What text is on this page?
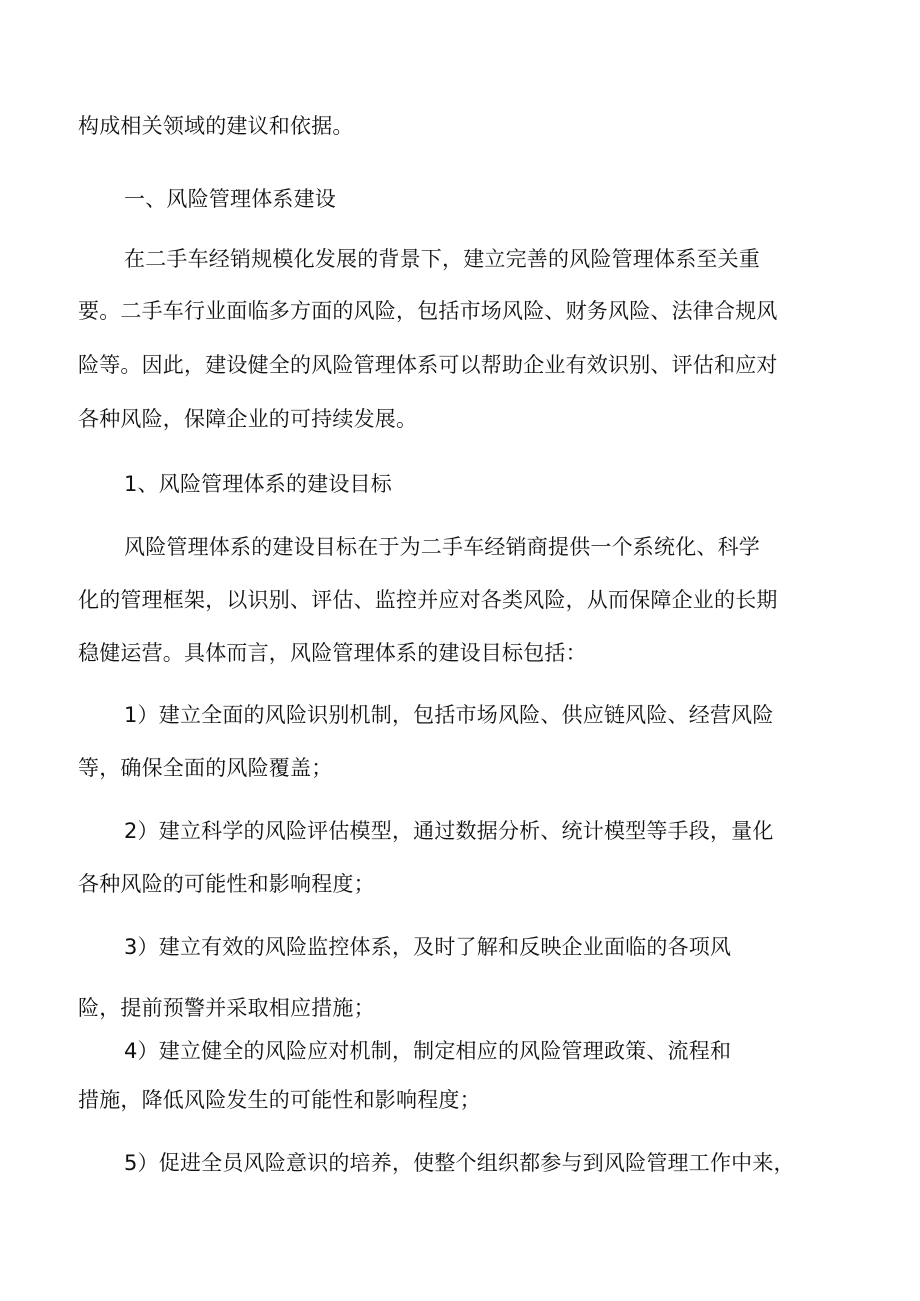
构成相关领域的建议和依据。

一、风险管理体系建设

在二手车经销规模化发展的背景下，建立完善的风险管理体系至关重

要。二手车行业面临多方面的风险，包括市场风险、财务风险、法律合规风

险等。因此，建设健全的风险管理体系可以帮助企业有效识别、评估和应对

各种风险，保障企业的可持续发展。

1、风险管理体系的建设目标

风险管理体系的建设目标在于为二手车经销商提供一个系统化、科学

化的管理框架，以识别、评估、监控并应对各类风险，从而保障企业的长期

稳健运营。具体而言，风险管理体系的建设目标包括：

1）建立全面的风险识别机制，包括市场风险、供应链风险、经营风险

等，确保全面的风险覆盖；

2）建立科学的风险评估模型，通过数据分析、统计模型等手段，量化

各种风险的可能性和影响程度；

3）建立有效的风险监控体系，及时了解和反映企业面临的各项风

险，提前预警并采取相应措施；

4）建立健全的风险应对机制，制定相应的风险管理政策、流程和

措施，降低风险发生的可能性和影响程度；

5）促进全员风险意识的培养，使整个组织都参与到风险管理工作中来，
